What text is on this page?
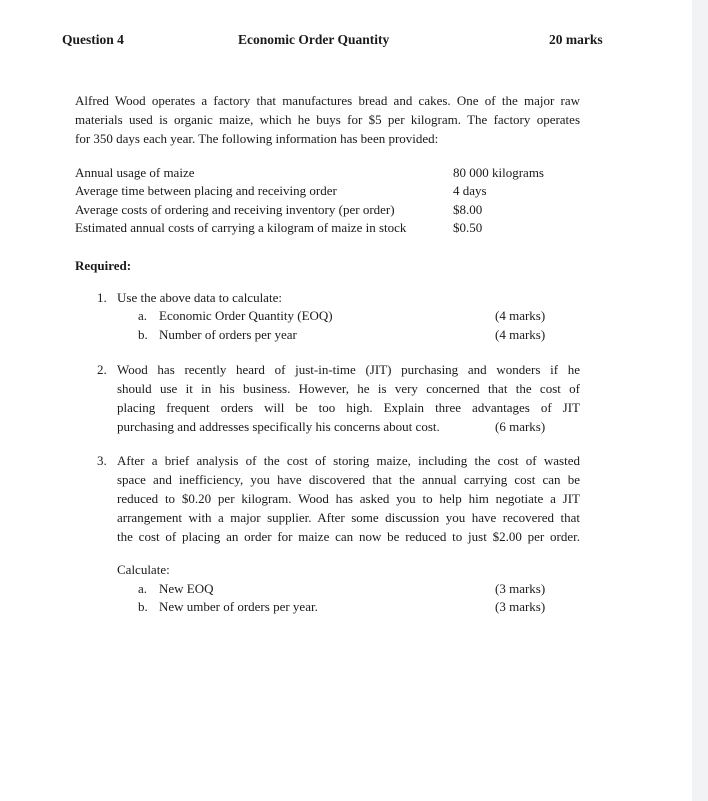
Question 4	Economic Order Quantity	20 marks
Alfred Wood operates a factory that manufactures bread and cakes. One of the major raw
materials used is organic maize, which he buys for $5 per kilogram. The factory operates
for 350 days each year. The following information has been provided:
Annual usage of maize	80 000 kilograms
Average time between placing and receiving order	4 days
Average costs of ordering and receiving inventory (per order)	$8.00
Estimated annual costs of carrying a kilogram of maize in stock	$0.50
Required:
1. Use the above data to calculate:
a. Economic Order Quantity (EOQ)	(4 marks)
b. Number of orders per year	(4 marks)
2. Wood has recently heard of just-in-time (JIT) purchasing and wonders if he
should use it in his business. However, he is very concerned that the cost of
placing frequent orders will be too high. Explain three advantages of JIT
purchasing and addresses specifically his concerns about cost.	(6 marks)
3. After a brief analysis of the cost of storing maize, including the cost of wasted
space and inefficiency, you have discovered that the annual carrying cost can be
reduced to $0.20 per kilogram. Wood has asked you to help him negotiate a JIT
arrangement with a major supplier. After some discussion you have recovered that
the cost of placing an order for maize can now be reduced to just $2.00 per order.
Calculate:
a. New EOQ	(3 marks)
b. New umber of orders per year.	(3 marks)
